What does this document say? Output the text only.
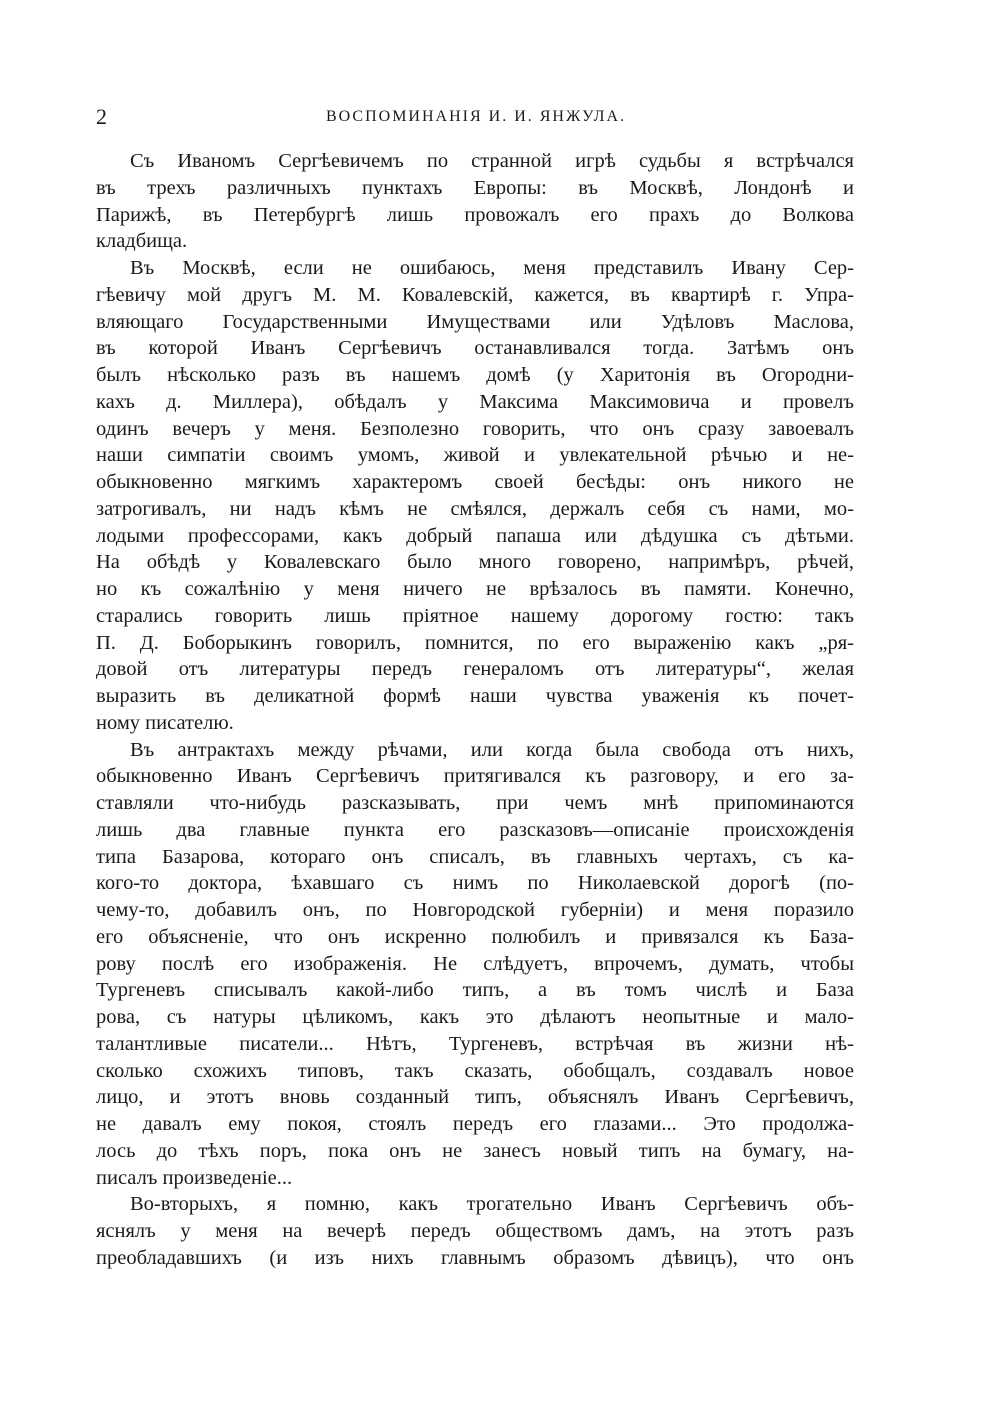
2	ВОСПОМИНАНІЯ И. И. ЯНЖУЛА.
Съ Иваномъ Сергѣевичемъ по странной игрѣ судьбы я встрѣчался
въ трехъ различныхъ пунктахъ Европы: въ Москвѣ, Лондонѣ и
Парижѣ, въ Петербургѣ лишь провожалъ его прахъ до Волкова
кладбища.
Въ Москвѣ, если не ошибаюсь, меня представилъ Ивану Сер-
гѣевичу мой другъ М. М. Ковалевскій, кажется, въ квартирѣ г. Упра-
вляющаго Государственными Имуществами или Удѣловъ Маслова,
въ которой Иванъ Сергѣевичъ останавливался тогда. Затѣмъ онъ
былъ нѣсколько разъ въ нашемъ домѣ (у Харитонія въ Огородни-
кахъ д. Миллера), обѣдалъ у Максима Максимовича и провелъ
одинъ вечеръ у меня. Безполезно говорить, что онъ сразу завоевалъ
наши симпатіи своимъ умомъ, живой и увлекательной рѣчью и не-
обыкновенно мягкимъ характеромъ своей бесѣды: онъ никого не
затрогивалъ, ни надъ кѣмъ не смѣялся, держалъ себя съ нами, мо-
лодыми профессорами, какъ добрый папаша или дѣдушка съ дѣтьми.
На обѣдѣ у Ковалевскаго было много говорено, напримѣръ, рѣчей,
но къ сожалѣнію у меня ничего не врѣзалось въ памяти. Конечно,
старались говорить лишь пріятное нашему дорогому гостю: такъ
П. Д. Боборыкинъ говорилъ, помнится, по его выраженію какъ „ря-
довой отъ литературы передъ генераломъ отъ литературы“, желая
выразить въ деликатной формѣ наши чувства уваженія къ почет-
ному писателю.
Въ антрактахъ между рѣчами, или когда была свобода отъ нихъ,
обыкновенно Иванъ Сергѣевичъ притягивался къ разговору, и его за-
ставляли что-нибудь разсказывать, при чемъ мнѣ припоминаются
лишь два главные пункта его разсказовъ—описаніе происхожденія
типа Базарова, котораго онъ списалъ, въ главныхъ чертахъ, съ ка-
кого-то доктора, ѣхавшаго съ нимъ по Николаевской дорогѣ (по-
чему-то, добавилъ онъ, по Новгородской губерніи) и меня поразило
его объясненіе, что онъ искренно полюбилъ и привязался къ База-
рову послѣ его изображенія. Не слѣдуетъ, впрочемъ, думать, чтобы
Тургеневъ списывалъ какой-либо типъ, а въ томъ числѣ и База
рова, съ натуры цѣликомъ, какъ это дѣлаютъ неопытные и мало-
талантливые писатели... Нѣтъ, Тургеневъ, встрѣчая въ жизни нѣ-
сколько схожихъ типовъ, такъ сказать, обобщалъ, создавалъ новое
лицо, и этотъ вновь созданный типъ, объяснялъ Иванъ Сергѣевичъ,
не давалъ ему покоя, стоялъ передъ его глазами... Это продолжа-
лось до тѣхъ поръ, пока онъ не занесъ новый типъ на бумагу, на-
писалъ произведеніе...
Во-вторыхъ, я помню, какъ трогательно Иванъ Сергѣевичъ объ-
яснялъ у меня на вечерѣ передъ обществомъ дамъ, на этотъ разъ
преобладавшихъ (и изъ нихъ главнымъ образомъ дѣвицъ), что онъ
